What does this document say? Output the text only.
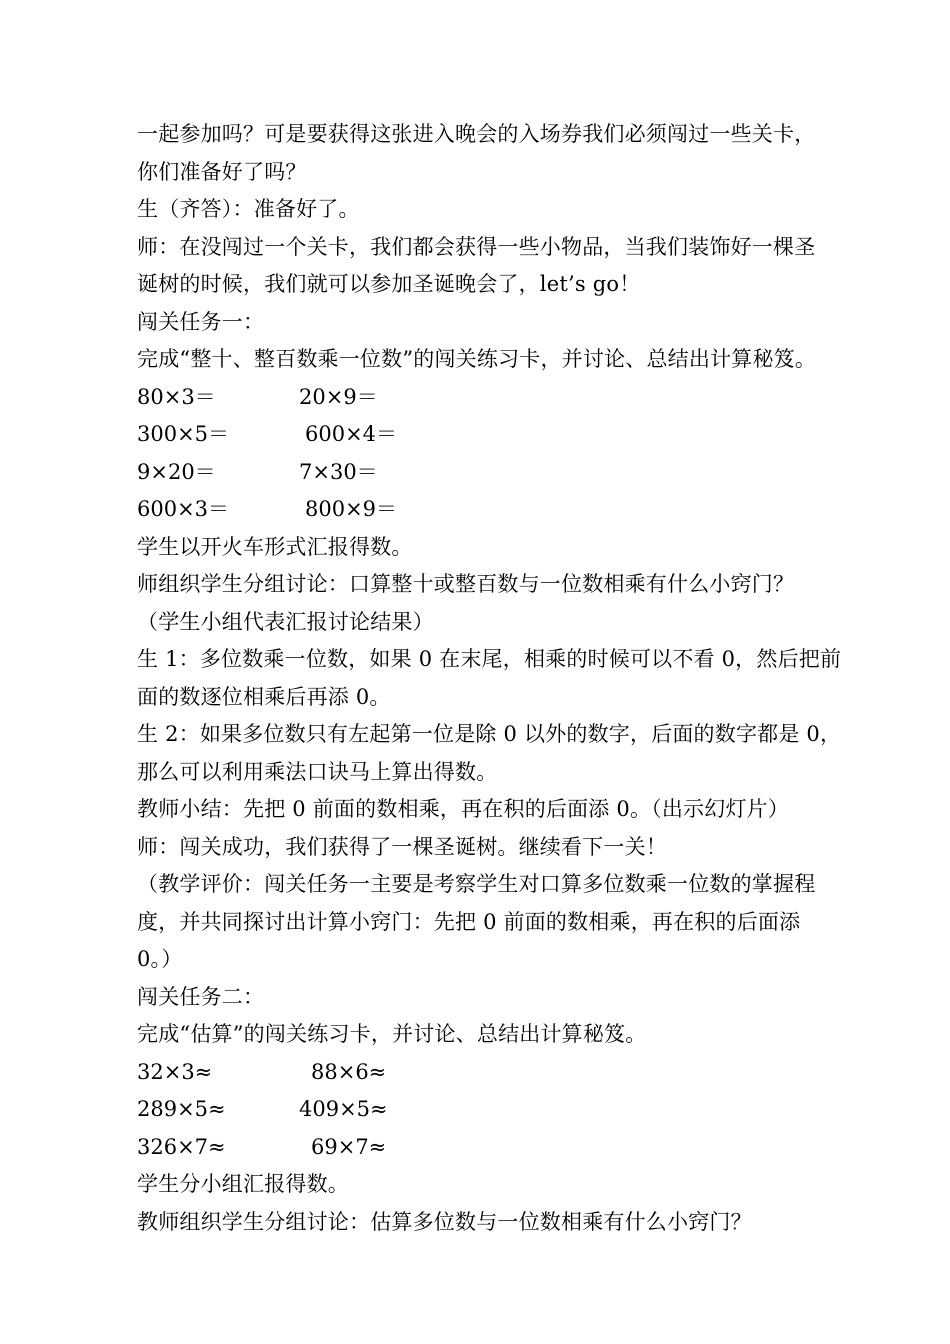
一起参加吗？可是要获得这张进入晚会的入场券我们必须闯过一些关卡，
你们准备好了吗？
生（齐答）：准备好了。
师：在没闯过一个关卡，我们都会获得一些小物品，当我们装饰好一棵圣
诞树的时候，我们就可以参加圣诞晚会了，let’s go！
闯关任务一：
完成“整十、整百数乘一位数”的闯关练习卡，并讨论、总结出计算秘笈。
80×3＝	20×9＝
300×5＝	600×4＝
9×20＝	7×30＝
600×3＝	800×9＝
学生以开火车形式汇报得数。
师组织学生分组讨论：口算整十或整百数与一位数相乘有什么小窍门？
（学生小组代表汇报讨论结果）
生 1：多位数乘一位数，如果 0 在末尾，相乘的时候可以不看 0，然后把前
面的数逐位相乘后再添 0。
生 2：如果多位数只有左起第一位是除 0 以外的数字，后面的数字都是 0，
那么可以利用乘法口诀马上算出得数。
教师小结：先把 0 前面的数相乘，再在积的后面添 0。（出示幻灯片）
师：闯关成功，我们获得了一棵圣诞树。继续看下一关！
（教学评价：闯关任务一主要是考察学生对口算多位数乘一位数的掌握程
度，并共同探讨出计算小窍门：先把 0 前面的数相乘，再在积的后面添
0。）
闯关任务二：
完成“估算”的闯关练习卡，并讨论、总结出计算秘笈。
32×3≈	88×6≈
289×5≈	409×5≈
326×7≈	69×7≈
学生分小组汇报得数。
教师组织学生分组讨论：估算多位数与一位数相乘有什么小窍门？
